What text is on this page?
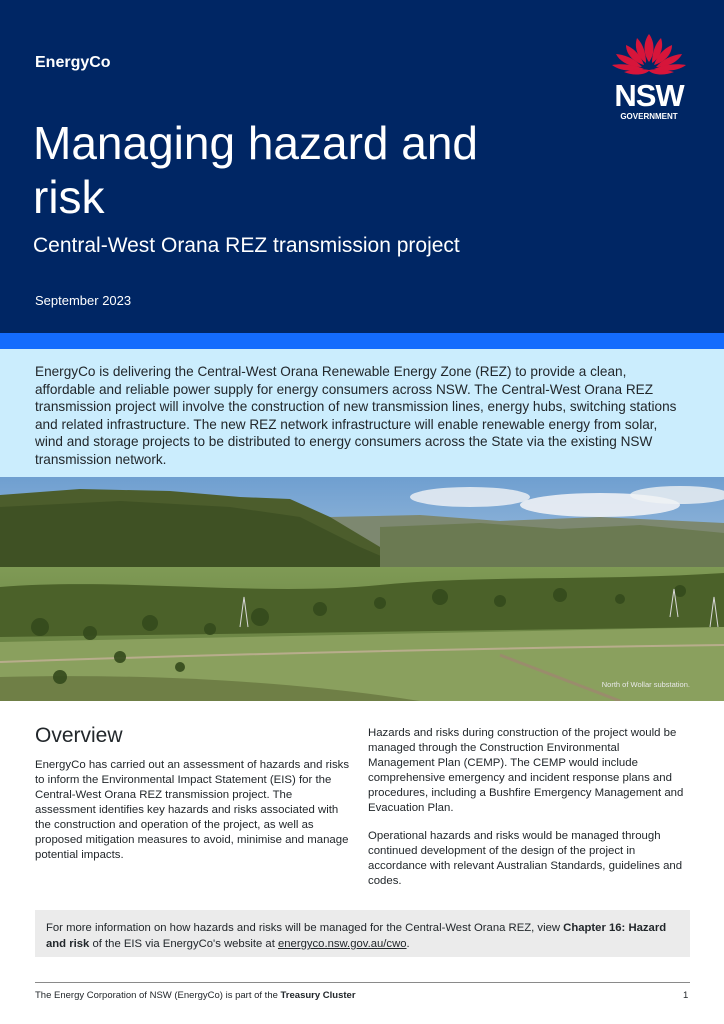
EnergyCo
Managing hazard and risk
Central-West Orana REZ transmission project
September 2023
NSW
GOVERNMENT

EnergyCo is delivering the Central-West Orana Renewable Energy Zone (REZ) to provide a clean, affordable and reliable power supply for energy consumers across NSW. The Central-West Orana REZ transmission project will involve the construction of new transmission lines, energy hubs, switching stations and related infrastructure. The new REZ network infrastructure will enable renewable energy from solar, wind and storage projects to be distributed to energy consumers across the State via the existing NSW transmission network.

North of Wollar substation.
Overview

EnergyCo has carried out an assessment of hazards and risks to inform the Environmental Impact Statement (EIS) for the Central-West Orana REZ transmission project. The assessment identifies key hazards and risks associated with the construction and operation of the project, as well as proposed mitigation measures to avoid, minimise and manage potential impacts.

Hazards and risks during construction of the project would be managed through the Construction Environmental Management Plan (CEMP). The CEMP would include comprehensive emergency and incident response plans and procedures, including a Bushfire Emergency Management and Evacuation Plan.

Operational hazards and risks would be managed through continued development of the design of the project in accordance with relevant Australian Standards, guidelines and codes.

For more information on how hazards and risks will be managed for the Central-West Orana REZ, view Chapter 16: Hazard and risk of the EIS via EnergyCo's website at energyco.nsw.gov.au/cwo.

The Energy Corporation of NSW (EnergyCo) is part of the Treasury Cluster	1
